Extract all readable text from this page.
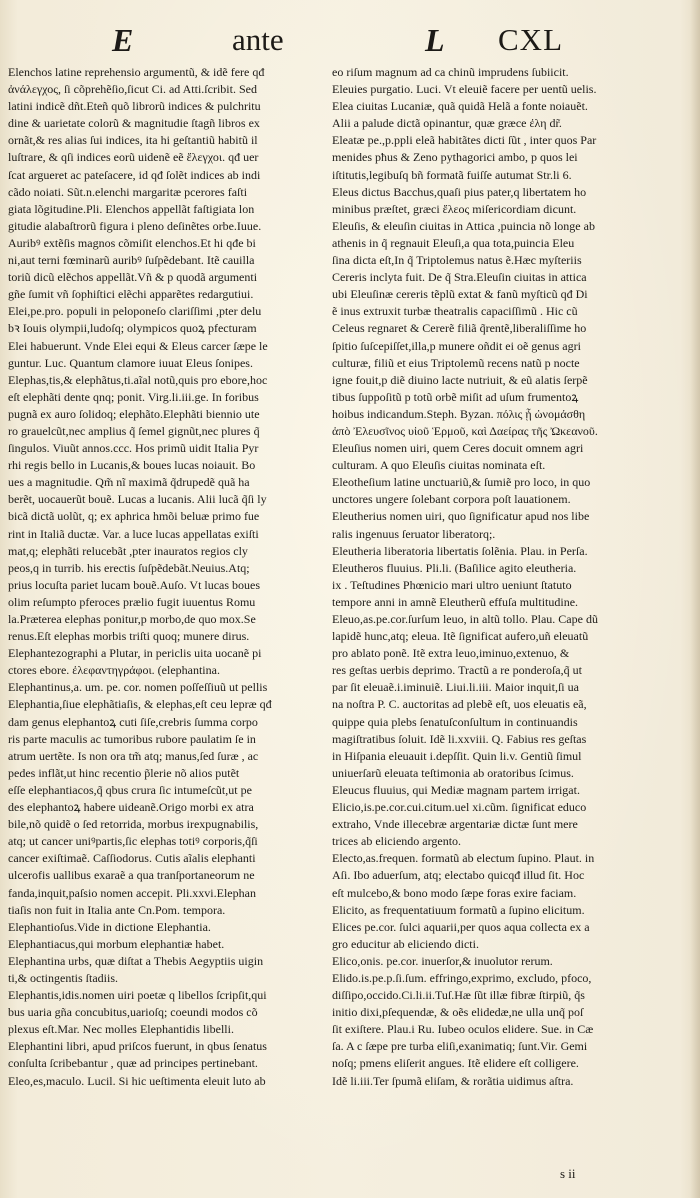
E	ante	L CXL
Elenchos latine reprehensio argumentũ, & idẽ fere qđ
ἀνάλεγχος, ſi cõprehẽſio,ſicut Ci. ad Atti.ſcribit. Sed
latini indicẽ dñt.Eteñ quõ librorũ indices & pulchritu
dine & uarietate colorũ & magnitudie ſtagñ libros ex
ornãt,& res alias ſui indices, ita hi geſtantiũ habitũ il
luſtrare, & qſi indices eorũ uidenẽ eẽ ἔλεγχοι. qđ uer
ſcat argueret ac pateſacere, id qđ ſolẽt indices ab indi
cãdo noiati. Sũt.n.elenchi margaritæ pcerores faſti
giata lõgitudine.Pli. Elenchos appellãt faſtigiata lon
gitudie alabaſtrorũ figura i pleno deſinẽtes orbe.Iuue.
Auribꝰ extẽſis magnos cõmiſit elenchos.Et hi qđe bi
ni,aut terni fœminarũ auribꝰ ſuſpẽdebant. Itẽ cauilla
toriũ dicũ elẽchos appellãt.Vñ & p quodã argumenti
gñe ſumit vñ ſophiſtici elẽchi apparẽtes redargutiui.
Elei,pe.pro. populi in peloponeſo clariſſimi ,pter delu
bꝛ Iouis olympii,ludoſq; olympicos quoꝝ pfecturam
Elei habuerunt. Vnde Elei equi & Eleus carcer ſæpe le
guntur. Luc. Quantum clamore iuuat Eleus ſonipes.
Elephas,tis,& elephãtus,ti.aĩal notũ,quis pro ebore,hoc
eſt elephãti dente qnq; ponit. Virg.li.iii.ge. In foribus
pugnã ex auro ſolidoq; elephãto.Elephãti biennio ute
ro grauelcũt,nec amplius q̃ ſemel gignũt,nec plures q̃
ſingulos. Viuũt annos.ccc. Hos primũ uidit Italia Pyr
rhi regis bello in Lucanis,& boues lucas noiauit. Bo
ues a magnitudie. Qm̃ nĩ maximã q̃drupedẽ quã ha
berẽt, uocauerũt bouẽ. Lucas a lucanis. Alii lucã q̃ſi ly
bicã dictã uolũt, q; ex aphrica hmõi beluæ primo fue
rint in Italiã ductæ. Var. a luce lucas appellatas exiſti
mat,q; elephãti relucebãt ,pter inauratos regios cly
peos,q in turrib. his erectis ſuſpẽdebãt.Neuius.Atq;
prius locuſta pariet lucam bouẽ.Auſo. Vt lucas boues
olim reſumpto pferoces prælio fugit iuuentus Romu
la.Præterea elephas ponitur,p morbo,de quo mox.Se
renus.Eſt elephas morbis triſti quoq; munere dirus.
Elephantezographi a Plutar, in periclis uita uocanẽ pi
ctores ebore. ἐλεφαντηγράφοι. (elephantina.
Elephantinus,a. um. pe. cor. nomen poſſeſſiuũ ut pellis
Elephantia,ſiue elephãtiaſis, & elephas,eſt ceu lepræ qđ
dam genus elephantoꝝ cuti ſiſe,crebris ſumma corpo
ris parte maculis ac tumoribus rubore paulatim ſe in
atrum uertẽte. Is non ora tm̃ atq; manus,ſed ſuræ , ac
pedes inflãt,ut hinc recentio p̃lerie nõ alios putẽt
eſſe elephantiacos,q̃ qbus crura ſic intumeſcũt,ut pe
des elephantoꝝ habere uideanẽ.Origo morbi ex atra
bile,nõ quidẽ o ſed retorrida, morbus irexpugnabilis,
atq; ut cancer uniꝰpartis,ſic elephas totiꝰ corporis,q̃ſi
cancer exiſtimaẽ. Caſſiodorus. Cutis aĩalis elephanti
ulcerofis uallibus exaraẽ a qua tranſportaneorum ne
fanda,inquit,paſsio nomen accepit. Pli.xxvi.Elephan
tiaſis non fuit in Italia ante Cn.Pom. tempora.
Elephantioſus.Vide in dictione Elephantia.
Elephantiacus,qui morbum elephantiæ habet.
Elephantina urbs, quæ diſtat a Thebis Aegyptiis uigin
ti,& octingentis ſtadiis.
Elephantis,idis.nomen uiri poetæ q libellos ſcripſit,qui
bus uaria gña concubitus,uarioſq; coeundi modos cõ
plexus eſt.Mar. Nec molles Elephantidis libelli.
Elephantini libri, apud priſcos fuerunt, in qbus ſenatus
conſulta ſcribebantur , quæ ad principes pertinebant.
Eleo,es,maculo. Lucil. Si hic ueſtimenta eleuit luto ab
eo riſum magnum ad ca chinũ imprudens ſubiicit.
Eleuies purgatio. Luci. Vt eleuiẽ facere per uentũ uelis.
Elea ciuitas Lucaniæ, quã quidã Helã a fonte noiauẽt.
Alii a palude dictã opinantur, quæ græce ἐλη dr̃.
Eleatæ pe.,p.ppli eleã habitãtes dicti ſũt , inter quos Par
menides pħus & Zeno pythagorici ambo, p quos lei
iſtitutis,legibuſq bñ formatã fuiſſe autumat Str.li 6.
Eleus dictus Bacchus,quaſi pius pater,q libertatem ho
minibus præſtet, græci ἔλεος miſericordiam dicunt.
Eleuſis, & eleuſin ciuitas in Attica ,puincia nõ longe ab
athenis in q̃ regnauit Eleuſi,a qua tota,puincia Eleu
ſina dicta eſt,In q̃ Triptolemus natus ẽ.Hæc myſteriis
Cereris inclyta fuit. De q̃ Stra.Eleuſin ciuitas in attica
ubi Eleuſinæ cereris tẽplũ extat & fanũ myſticũ qđ Di
ẽ inus extruxit turbæ theatralis capaciſſimũ . Hic cũ
Celeus regnaret & Cererẽ filiã q̃rentẽ,liberaliſſime ho
ſpitio ſuſcepiſſet,illa,p munere oñdit ei oẽ genus agri
culturæ, filiũ et eius Triptolemũ recens natũ p nocte
igne fouit,p diẽ diuino lacte nutriuit, & eũ alatis ſerpẽ
tibus ſuppoſitũ p totũ orbẽ miſit ad uſum frumentoꝝ
hoibus indicandum.Steph. Byzan. πόλις ᾗ ὠνομάσθη
ἀπὸ Ἐλευσῖνος υἱοῦ Ἑρμοῦ, καὶ Δαείρας τῆς Ὠκεανοῦ.
Eleuſius nomen uiri, quem Ceres docuit omnem agri
culturam. A quo Eleuſis ciuitas nominata eſt.
Eleotheſium latine unctuariũ,& ſumiẽ pro loco, in quo
unctores ungere ſolebant corpora poſt lauationem.
Eleutherius nomen uiri, quo ſignificatur apud nos libe
ralis ingenuus ſeruator liberatorq;.
Eleutheria liberatoria libertatis ſolẽnia. Plau. in Perſa.
Eleutheros fluuius. Pli.li. (Baſilice agito eleutheria.
ix . Teſtudines Phœnicio mari ultro ueniunt ſtatuto
tempore anni in amnẽ Eleutherũ effuſa multitudine.
Eleuo,as.pe.cor.ſurſum leuo, in altũ tollo. Plau. Cape dũ
lapidẽ hunc,atq; eleua. Itẽ ſignificat aufero,uñ eleuatũ
pro ablato ponẽ. Itẽ extra leuo,iminuo,extenuo, &
res geſtas uerbis deprimo. Tractũ a re ponderoſa,q̃ ut
par ſit eleuaẽ.i.iminuiẽ. Liui.li.iii. Maior inquit,ſi ua
na noſtra P. C. auctoritas ad plebẽ eſt, uos eleuatis eã,
quippe quia plebs ſenatuſconſultum in continuandis
magiſtratibus ſoluit. Idẽ li.xxviii. Q. Fabius res geſtas
in Hiſpania eleuauit i.depſſit. Quin li.v. Gentiũ ſimul
uniuerſarũ eleuata teſtimonia ab oratoribus ſcimus.
Eleucus fluuius, qui Mediæ magnam partem irrigat.
Elicio,is.pe.cor.cui.citum.uel xi.cũm. ſignificat educo
extraho, Vnde illecebræ argentariæ dictæ ſunt mere
trices ab eliciendo argento.
Electo,as.frequen. formatũ ab electum ſupino. Plaut. in
Aſi. Ibo aduerſum, atq; electabo quicqđ illud ſit. Hoc
eſt mulcebo,& bono modo ſæpe foras exire faciam.
Elicito, as frequentatiuum formatũ a ſupino elicitum.
Elices pe.cor. ſulci aquarii,per quos aqua collecta ex a
gro educitur ab eliciendo dicti.
Elico,onis. pe.cor. inuerſor,& inuolutor rerum.
Elido.is.pe.p.ſi.ſum. effringo,exprimo, excludo, pfoco,
diſſipo,occido.Ci.li.ii.Tuſ.Hæ ſũt illæ fibræ ſtirpiũ, q̃s
initio dixi,pſequendæ, & oẽs elidedæ,ne ulla unq̃ poſ
ſit exiſtere. Plau.i Ru. Iubeo oculos elidere. Sue. in Cæ
ſa. A c ſæpe pre turba eliſi,exanimatiq; ſunt.Vir. Gemi
noſq; pmens eliſerit angues. Itẽ elidere eſt colligere.
Idẽ li.iii.Ter ſpumã eliſam, & rorãtia uidimus aſtra.
s ii
